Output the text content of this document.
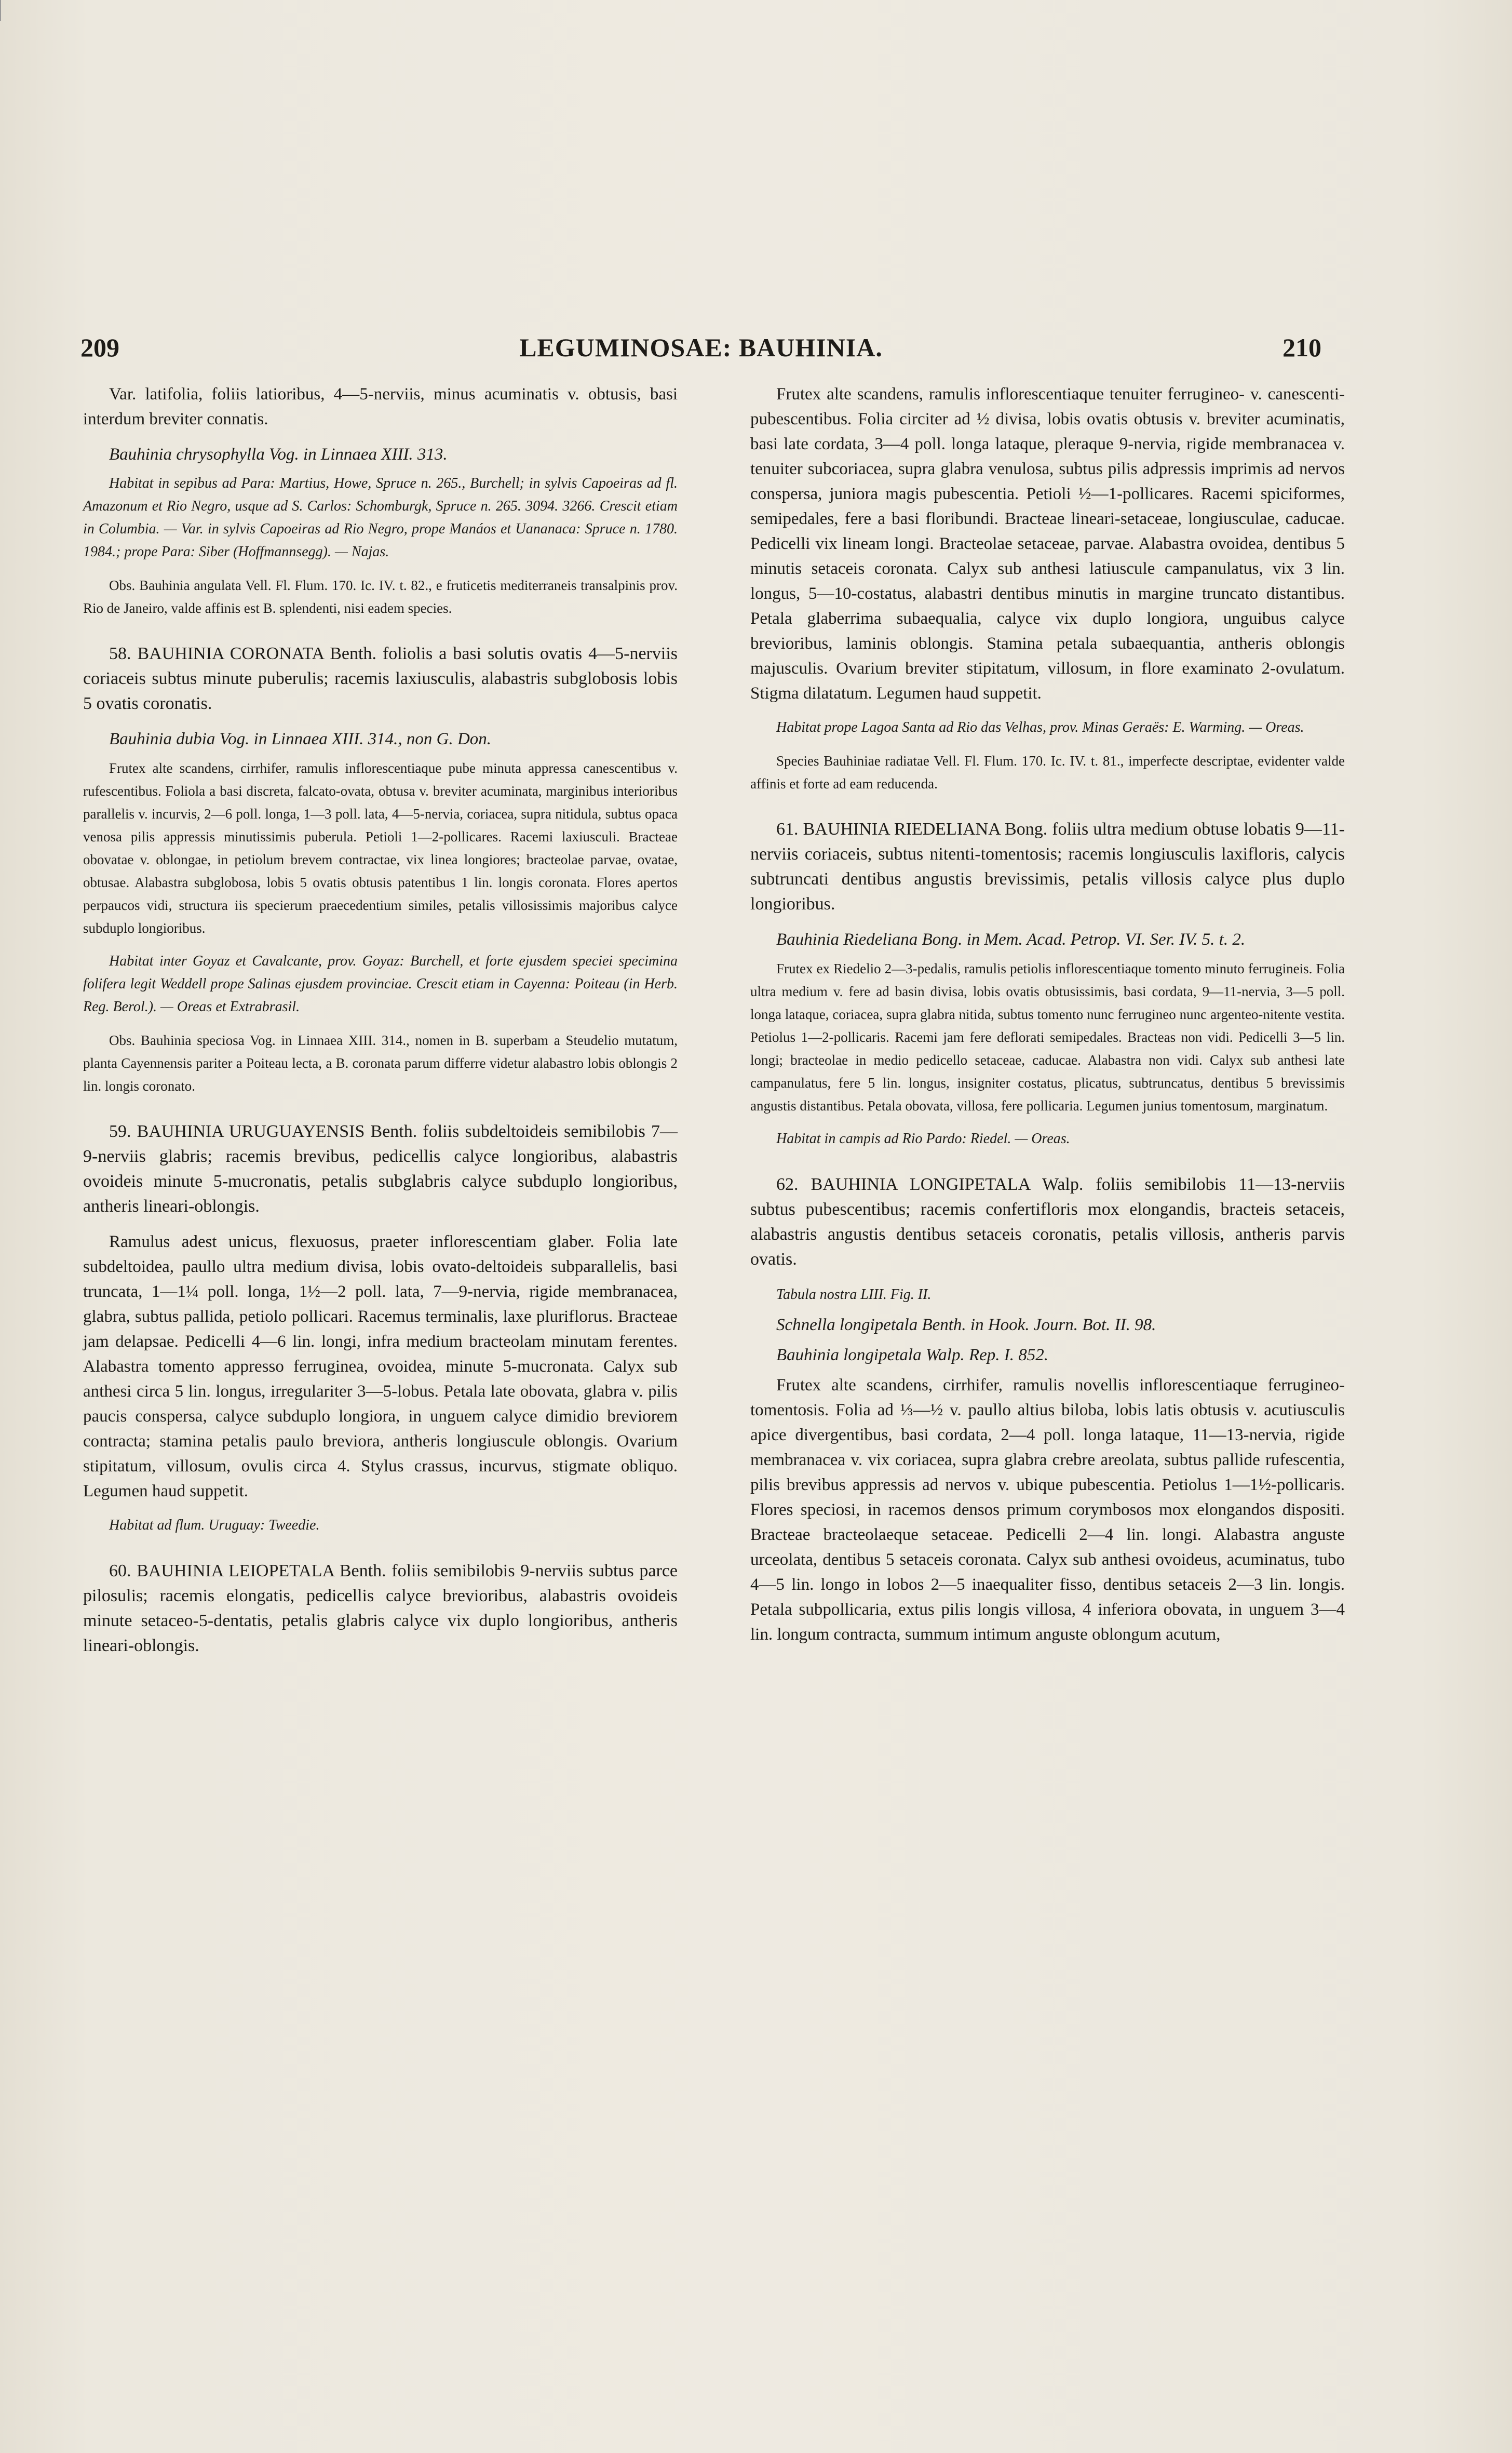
209	LEGUMINOSAE: BAUHINIA.	210

Var. latifolia, foliis latioribus, 4—5-nerviis, minus acuminatis v. obtusis, basi interdum breviter connatis.

Bauhinia chrysophylla Vog. in Linnaea XIII. 313.

Habitat in sepibus ad Para: Martius, Howe, Spruce n. 265., Burchell; in sylvis Capoeiras ad fl. Amazonum et Rio Negro, usque ad S. Carlos: Schomburgk, Spruce n. 265. 3094. 3266. Crescit etiam in Columbia. — Var. in sylvis Capoeiras ad Rio Negro, prope Manáos et Uananaca: Spruce n. 1780. 1984.; prope Para: Siber (Hoffmannsegg). — Najas.

Obs. Bauhinia angulata Vell. Fl. Flum. 170. Ic. IV. t. 82., e fruticetis mediterraneis transalpinis prov. Rio de Janeiro, valde affinis est B. splendenti, nisi eadem species.

58. BAUHINIA CORONATA Benth. foliolis a basi solutis ovatis 4—5-nerviis coriaceis subtus minute puberulis; racemis laxiusculis, alabastris subglobosis lobis 5 ovatis coronatis.

Bauhinia dubia Vog. in Linnaea XIII. 314., non G. Don.

Frutex alte scandens, cirrhifer, ramulis inflorescentiaque pube minuta appressa canescentibus v. rufescentibus. Foliola a basi discreta, falcato-ovata, obtusa v. breviter acuminata, marginibus interioribus parallelis v. incurvis, 2—6 poll. longa, 1—3 poll. lata, 4—5-nervia, coriacea, supra nitidula, subtus opaca venosa pilis appressis minutissimis puberula. Petioli 1—2-pollicares. Racemi laxiusculi. Bracteae obovatae v. oblongae, in petiolum brevem contractae, vix linea longiores; bracteolae parvae, ovatae, obtusae. Alabastra subglobosa, lobis 5 ovatis obtusis patentibus 1 lin. longis coronata. Flores apertos perpaucos vidi, structura iis specierum praecedentium similes, petalis villosissimis majoribus calyce subduplo longioribus.

Habitat inter Goyaz et Cavalcante, prov. Goyaz: Burchell, et forte ejusdem speciei specimina folifera legit Weddell prope Salinas ejusdem provinciae. Crescit etiam in Cayenna: Poiteau (in Herb. Reg. Berol.). — Oreas et Extrabrasil.

Obs. Bauhinia speciosa Vog. in Linnaea XIII. 314., nomen in B. superbam a Steudelio mutatum, planta Cayennensis pariter a Poiteau lecta, a B. coronata parum differre videtur alabastro lobis oblongis 2 lin. longis coronato.

59. BAUHINIA URUGUAYENSIS Benth. foliis subdeltoideis semibilobis 7—9-nerviis glabris; racemis brevibus, pedicellis calyce longioribus, alabastris ovoideis minute 5-mucronatis, petalis subglabris calyce subduplo longioribus, antheris lineari-oblongis.

Ramulus adest unicus, flexuosus, praeter inflorescentiam glaber. Folia late subdeltoidea, paullo ultra medium divisa, lobis ovato-deltoideis subparallelis, basi truncata, 1—1¼ poll. longa, 1½—2 poll. lata, 7—9-nervia, rigide membranacea, glabra, subtus pallida, petiolo pollicari. Racemus terminalis, laxe pluriflorus. Bracteae jam delapsae. Pedicelli 4—6 lin. longi, infra medium bracteolam minutam ferentes. Alabastra tomento appresso ferruginea, ovoidea, minute 5-mucronata. Calyx sub anthesi circa 5 lin. longus, irregulariter 3—5-lobus. Petala late obovata, glabra v. pilis paucis conspersa, calyce subduplo longiora, in unguem calyce dimidio breviorem contracta; stamina petalis paulo breviora, antheris longiuscule oblongis. Ovarium stipitatum, villosum, ovulis circa 4. Stylus crassus, incurvus, stigmate obliquo. Legumen haud suppetit.

Habitat ad flum. Uruguay: Tweedie.

60. BAUHINIA LEIOPETALA Benth. foliis semibilobis 9-nerviis subtus parce pilosulis; racemis elongatis, pedicellis calyce brevioribus, alabastris ovoideis minute setaceo-5-dentatis, petalis glabris calyce vix duplo longioribus, antheris lineari-oblongis.

Frutex alte scandens, ramulis inflorescentiaque tenuiter ferrugineo- v. canescenti-pubescentibus. Folia circiter ad ½ divisa, lobis ovatis obtusis v. breviter acuminatis, basi late cordata, 3—4 poll. longa lataque, pleraque 9-nervia, rigide membranacea v. tenuiter subcoriacea, supra glabra venulosa, subtus pilis adpressis imprimis ad nervos conspersa, juniora magis pubescentia. Petioli ½—1-pollicares. Racemi spiciformes, semipedales, fere a basi floribundi. Bracteae lineari-setaceae, longiusculae, caducae. Pedicelli vix lineam longi. Bracteolae setaceae, parvae. Alabastra ovoidea, dentibus 5 minutis setaceis coronata. Calyx sub anthesi latiuscule campanulatus, vix 3 lin. longus, 5—10-costatus, alabastri dentibus minutis in margine truncato distantibus. Petala glaberrima subaequalia, calyce vix duplo longiora, unguibus calyce brevioribus, laminis oblongis. Stamina petala subaequantia, antheris oblongis majusculis. Ovarium breviter stipitatum, villosum, in flore examinato 2-ovulatum. Stigma dilatatum. Legumen haud suppetit.

Habitat prope Lagoa Santa ad Rio das Velhas, prov. Minas Geraës: E. Warming. — Oreas.

Species Bauhiniae radiatae Vell. Fl. Flum. 170. Ic. IV. t. 81., imperfecte descriptae, evidenter valde affinis et forte ad eam reducenda.

61. BAUHINIA RIEDELIANA Bong. foliis ultra medium obtuse lobatis 9—11-nerviis coriaceis, subtus nitenti-tomentosis; racemis longiusculis laxifloris, calycis subtruncati dentibus angustis brevissimis, petalis villosis calyce plus duplo longioribus.

Bauhinia Riedeliana Bong. in Mem. Acad. Petrop. VI. Ser. IV. 5. t. 2.

Frutex ex Riedelio 2—3-pedalis, ramulis petiolis inflorescentiaque tomento minuto ferrugineis. Folia ultra medium v. fere ad basin divisa, lobis ovatis obtusissimis, basi cordata, 9—11-nervia, 3—5 poll. longa lataque, coriacea, supra glabra nitida, subtus tomento nunc ferrugineo nunc argenteo-nitente vestita. Petiolus 1—2-pollicaris. Racemi jam fere deflorati semipedales. Bracteas non vidi. Pedicelli 3—5 lin. longi; bracteolae in medio pedicello setaceae, caducae. Alabastra non vidi. Calyx sub anthesi late campanulatus, fere 5 lin. longus, insigniter costatus, plicatus, subtruncatus, dentibus 5 brevissimis angustis distantibus. Petala obovata, villosa, fere pollicaria. Legumen junius tomentosum, marginatum.

Habitat in campis ad Rio Pardo: Riedel. — Oreas.

62. BAUHINIA LONGIPETALA Walp. foliis semibilobis 11—13-nerviis subtus pubescentibus; racemis confertifloris mox elongandis, bracteis setaceis, alabastris angustis dentibus setaceis coronatis, petalis villosis, antheris parvis ovatis.

Tabula nostra LIII. Fig. II.

Schnella longipetala Benth. in Hook. Journ. Bot. II. 98.

Bauhinia longipetala Walp. Rep. I. 852.

Frutex alte scandens, cirrhifer, ramulis novellis inflorescentiaque ferrugineo-tomentosis. Folia ad ⅓—½ v. paullo altius biloba, lobis latis obtusis v. acutiusculis apice divergentibus, basi cordata, 2—4 poll. longa lataque, 11—13-nervia, rigide membranacea v. vix coriacea, supra glabra crebre areolata, subtus pallide rufescentia, pilis brevibus appressis ad nervos v. ubique pubescentia. Petiolus 1—1½-pollicaris. Flores speciosi, in racemos densos primum corymbosos mox elongandos dispositi. Bracteae bracteolaeque setaceae. Pedicelli 2—4 lin. longi. Alabastra anguste urceolata, dentibus 5 setaceis coronata. Calyx sub anthesi ovoideus, acuminatus, tubo 4—5 lin. longo in lobos 2—5 inaequaliter fisso, dentibus setaceis 2—3 lin. longis. Petala subpollicaria, extus pilis longis villosa, 4 inferiora obovata, in unguem 3—4 lin. longum contracta, summum intimum anguste oblongum acutum,
